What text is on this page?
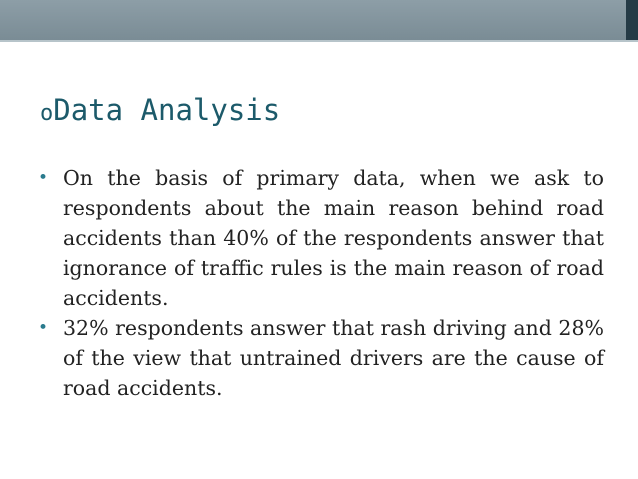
oData Analysis
• On the basis of primary data, when we ask to respondents about the main reason behind road accidents than 40% of the respondents answer that ignorance of traffic rules is the main reason of road accidents.
• 32% respondents answer that rash driving and 28% of the view that untrained drivers are the cause of road accidents.
